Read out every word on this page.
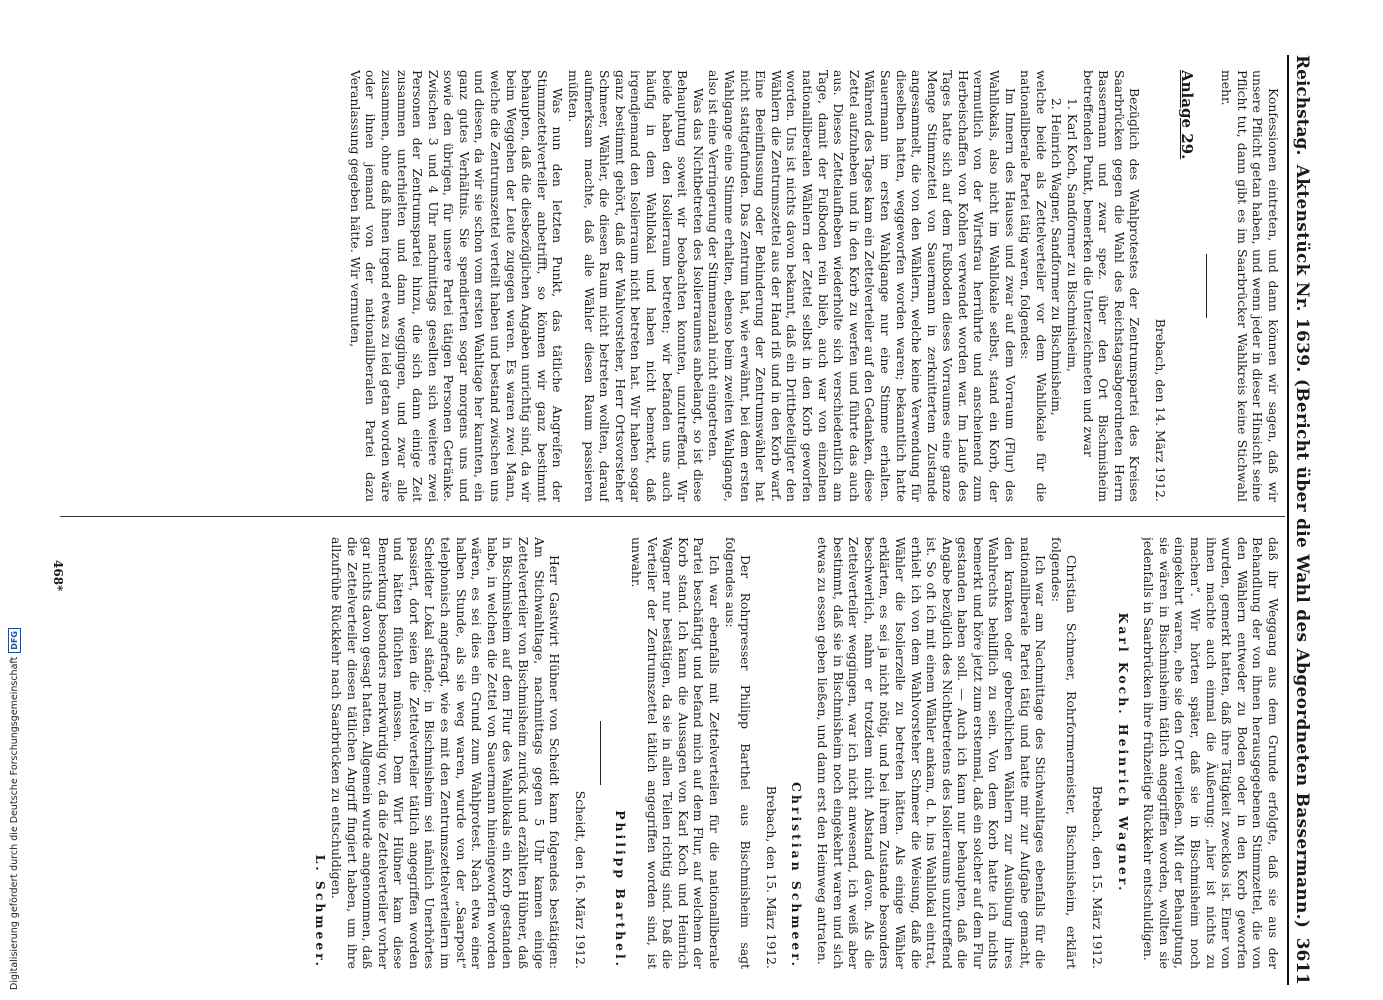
Reichstag.
Aktenstück Nr. 1639. (Bericht über die Wahl des Abgeordneten Bassermann.)
3611

Konfessionen eintreten, und dann können wir sagen, daß wir unsere Pflicht getan haben, und wenn jeder in dieser Hinsicht seine Pflicht tut, dann gibt es im Saarbrücker Wahlkreis keine Stichwahl mehr.

Anlage 29.

Brebach, den 14. März 1912.

Bezüglich des Wahlprotestes der Zentrumspartei des Kreises Saarbrücken gegen die Wahl des Reichstagsabgeordneten Herrn Bassermann und zwar spez. über den Ort Bischmisheim betreffenden Punkt, bemerken die Unterzeichneten und zwar

1. Karl Koch, Sandformer zu Bischmisheim,

2. Heinrich Wagner, Sandformer zu Bischmisheim,

welche beide als Zettelverteiler vor dem Wahllokale für die nationalliberale Partei tätig waren, folgendes:

Im Innern des Hauses und zwar auf dem Vorraum (Flur) des Wahllokals, also nicht im Wahllokale selbst, stand ein Korb, der vermutlich von der Wirtsfrau herrührte und anscheinend zum Herbeischaffen von Kohlen verwendet worden war. Im Laufe des Tages hatte sich auf dem Fußboden dieses Vorraumes eine ganze Menge Stimmzettel von Sauermann in zerknittertem Zustande angesammelt, die von den Wählern, welche keine Verwendung für dieselben hatten, weggeworfen worden waren; bekanntlich hatte Sauermann im ersten Wahlgange nur eine Stimme erhalten. Während des Tages kam ein Zettelverteiler auf den Gedanken, diese Zettel aufzuheben und in den Korb zu werfen und führte das auch aus. Dieses Zettelaufheben wiederholte sich verschiedentlich am Tage, damit der Fußboden rein blieb, auch war von einzelnen nationalliberalen Wählern der Zettel selbst in den Korb geworfen worden. Uns ist nichts davon bekannt, daß ein Drittbeteiligter den Wählern die Zentrumszettel aus der Hand riß und in den Korb warf. Eine Beeinflussung oder Behinderung der Zentrumswähler hat nicht stattgefunden. Das Zentrum hat, wie erwähnt, bei dem ersten Wahlgange eine Stimme erhalten, ebenso beim zweiten Wahlgange, also ist eine Verringerung der Stimmenzahl nicht eingetreten.

Was das Nichtbetreten des Isolierraumes anbelangt, so ist diese Behauptung soweit wir beobachten konnten, unzutreffend. Wir beide haben den Isolierraum betreten; wir befanden uns auch häufig in dem Wahllokal und haben nicht bemerkt, daß irgendjemand den Isolierraum nicht betreten hat. Wir haben sogar ganz bestimmt gehört, daß der Wahlvorsteher, Herr Ortsvorsteher Schmeer, Wähler, die diesen Raum nicht betreten wollten, darauf aufmerksam machte, daß alle Wähler diesen Raum passieren müßten.

Was nun den letzten Punkt, das tätliche Angreifen der Stimmzettelverteiler anbetrifft, so können wir ganz bestimmt behaupten, daß die diesbezüglichen Angaben unrichtig sind, da wir beim Weggehen der Leute zugegen waren. Es waren zwei Mann, welche die Zentrumszettel verteilt haben und bestand zwischen uns und diesen, da wir sie schon vom ersten Wahltage her kannten, ein ganz gutes Verhältnis. Sie spendierten sogar morgens uns und sowie den übrigen, für unsere Partei tätigen Personen Getränke. Zwischen 3 und 4 Uhr nachmittags gesellten sich weitere zwei Personen der Zentrumspartei hinzu, die sich dann einige Zeit zusammen unterhielten und dann weggingen, und zwar alle zusammen, ohne daß ihnen irgend etwas zu leid getan worden wäre oder ihnen jemand von der nationalliberalen Partei dazu Veranlassung gegeben hätte. Wir vermuten,

daß ihr Weggang aus dem Grunde erfolgte, daß sie aus der Behandlung der von ihnen herausgegebenen Stimmzettel, die von den Wählern entweder zu Boden oder in den Korb geworfen wurden, gemerkt hatten, daß ihre Tätigkeit zwecklos ist. Einer von ihnen machte auch einmal die Äußerung: „hier ist nichts zu machen“. Wir hörten später, daß sie in Bischmisheim noch eingekehrt waren, ehe sie den Ort verließen. Mit der Behauptung, sie wären in Bischmisheim tätlich angegriffen worden, wollten sie jedenfalls in Saarbrücken ihre frühzeitige Rückkehr entschuldigen.

Karl Koch. Heinrich Wagner.

Brebach, den 15. März 1912.

Christian Schmeer, Rohrformermeister, Bischmisheim, erklärt folgendes:

Ich war am Nachmittage des Stichwahltages ebenfalls für die nationalliberale Partei tätig und hatte mir zur Aufgabe gemacht, den kranken oder gebrechlichen Wählern zur Ausübung ihres Wahlrechts behilflich zu sein. Von dem Korb hatte ich nichts bemerkt und höre jetzt zum erstenmal, daß ein solcher auf dem Flur gestanden haben soll. — Auch ich kann nur behaupten, daß die Angabe bezüglich des Nichtbetretens des Isolierraums unzutreffend ist. So oft ich mit einem Wähler ankam, d. h. ins Wahllokal eintrat, erhielt ich von dem Wahlvorsteher Schmeer die Weisung, daß die Wähler die Isolierzelle zu betreten hätten. Als einige Wähler erklärten, es sei ja nicht nötig, und bei ihrem Zustande besonders beschwerlich, nahm er trotzdem nicht Abstand davon. Als die Zettelverteiler weggingen, war ich nicht anwesend, ich weiß aber bestimmt, daß sie in Bischmisheim noch eingekehrt waren und sich etwas zu essen geben ließen, und dann erst den Heimweg antraten.

Christian Schmeer.

Brebach, den 15. März 1912.

Der Rohrpresser Philipp Barthel aus Bischmisheim sagt folgendes aus:

Ich war ebenfalls mit Zettelverteilen für die nationalliberale Partei beschäftigt und befand mich auf dem Flur, auf welchem der Korb stand. Ich kann die Aussagen von Karl Koch und Heinrich Wagner nur bestätigen, da sie in allen Teilen richtig sind. Daß die Verteiler der Zentrumszettel tätlich angegriffen worden sind, ist unwahr.

Philipp Barthel.

Scheidt, den 16. März 1912.

Herr Gastwirt Hübner von Scheidt kann folgendes bestätigen: Am Stichwahltage, nachmittags gegen 5 Uhr kamen einige Zettelverteiler von Bischmisheim zurück und erzählten Hübner, daß in Bischmisheim auf dem Flur des Wahllokals ein Korb gestanden habe, in welchen die Zettel von Sauermann hineingeworfen worden wären, es sei dies ein Grund zum Wahlprotest. Nach etwa einer halben Stunde, als sie weg waren, wurde von der „Saarpost“ telephonisch angefragt, wie es mit den Zentrumszettelverteilern im Scheidter Lokal stände; in Bischmisheim sei nämlich Unerhörtes passiert, dort seien die Zettelverteiler tätlich angegriffen worden und hätten flüchten müssen. Dem Wirt Hübner kam diese Bemerkung besonders merkwürdig vor, da die Zettelverteiler vorher gar nichts davon gesagt hatten. Allgemein wurde angenommen, daß die Zettelverteiler diesen tätlichen Angriff fingiert haben, um ihre allzufrühe Rückkehr nach Saarbrücken zu entschuldigen.

L. Schmeer.

468*
Digitalisierung gefördert durch die Deutsche Forschungsgemeinschaft
DFG
